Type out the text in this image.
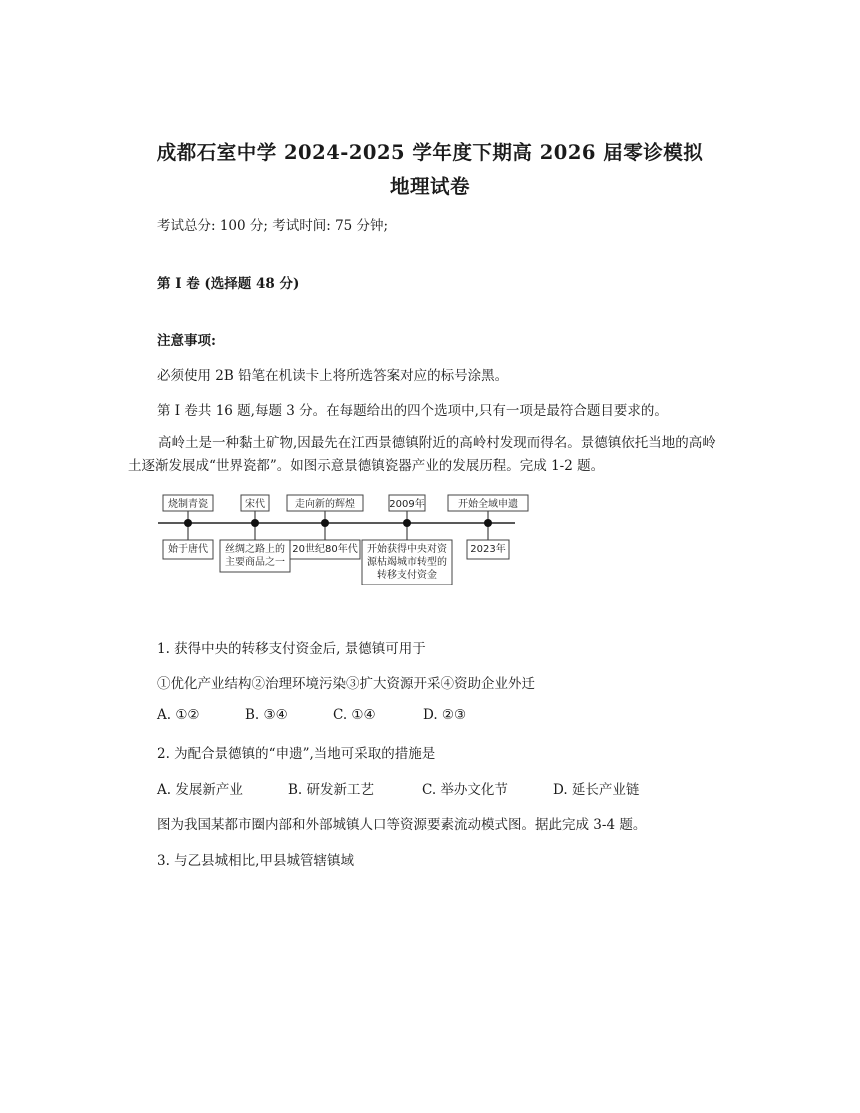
成都石室中学 2024-2025 学年度下期高 2026 届零诊模拟
地理试卷
考试总分: 100 分; 考试时间: 75 分钟;
第 I 卷 (选择题 48 分)
注意事项:
必须使用 2B 铅笔在机读卡上将所选答案对应的标号涂黑。
第 I 卷共 16 题,每题 3 分。在每题给出的四个选项中,只有一项是最符合题目要求的。
高岭土是一种黏土矿物,因最先在江西景德镇附近的高岭村发现而得名。景德镇依托当地的高岭土逐渐发展成“世界瓷都”。如图示意景德镇瓷器产业的发展历程。完成 1-2 题。
烧制青瓷
始于唐代
宋代
丝绸之路上的
主要商品之一
走向新的辉煌
20世纪80年代
2009年
开始获得中央对资
源枯竭城市转型的
转移支付资金
开始全域申遗
2023年
1. 获得中央的转移支付资金后, 景德镇可用于
①优化产业结构②治理环境污染③扩大资源开采④资助企业外迁
A. ①②	B. ③④	C. ①④	D. ②③
2. 为配合景德镇的“申遗”,当地可采取的措施是
A. 发展新产业	B. 研发新工艺	C. 举办文化节	D. 延长产业链
图为我国某都市圈内部和外部城镇人口等资源要素流动模式图。据此完成 3-4 题。
3. 与乙县城相比,甲县城管辖镇域
